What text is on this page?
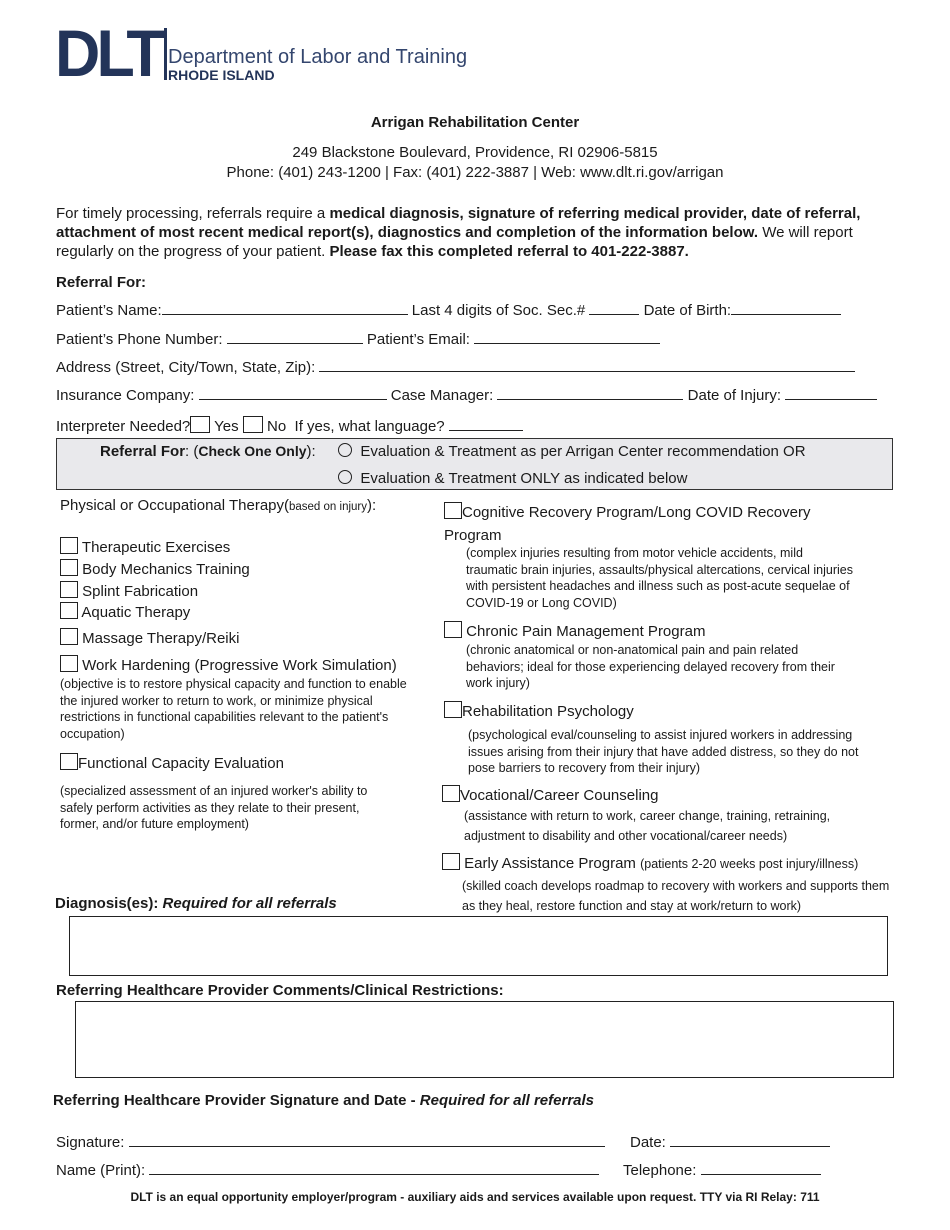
DLT Department of Labor and Training
RHODE ISLAND
Arrigan Rehabilitation Center
249 Blackstone Boulevard, Providence, RI 02906-5815
Phone: (401) 243-1200 | Fax: (401) 222-3887 | Web: www.dlt.ri.gov/arrigan
For timely processing, referrals require a medical diagnosis, signature of referring medical provider, date of referral, attachment of most recent medical report(s), diagnostics and completion of the information below. We will report regularly on the progress of your patient. Please fax this completed referral to 401-222-3887.
Referral For:
Patient’s Name:	Last 4 digits of Soc. Sec.#	Date of Birth:
Patient’s Phone Number:	Patient’s Email:
Address (Street, City/Town, State, Zip):
Insurance Company:	Case Manager:	Date of Injury:
Interpreter Needed? Yes No If yes, what language?
Referral For: (Check One Only):	Evaluation & Treatment as per Arrigan Center recommendation OR
Evaluation & Treatment ONLY as indicated below
Physical or Occupational Therapy(based on injury):
Therapeutic Exercises
Body Mechanics Training
Splint Fabrication
Aquatic Therapy
Massage Therapy/Reiki
Work Hardening (Progressive Work Simulation)
(objective is to restore physical capacity and function to enable the injured worker to return to work, or minimize physical restrictions in functional capabilities relevant to the patient's occupation)
Functional Capacity Evaluation
(specialized assessment of an injured worker's ability to safely perform activities as they relate to their present, former, and/or future employment)
Cognitive Recovery Program/Long COVID Recovery Program
(complex injuries resulting from motor vehicle accidents, mild traumatic brain injuries, assaults/physical altercations, cervical injuries with persistent headaches and illness such as post-acute sequelae of COVID-19 or Long COVID)
Chronic Pain Management Program
(chronic anatomical or non-anatomical pain and pain related behaviors; ideal for those experiencing delayed recovery from their work injury)
Rehabilitation Psychology
(psychological eval/counseling to assist injured workers in addressing issues arising from their injury that have added distress, so they do not pose barriers to recovery from their injury)
Vocational/Career Counseling
(assistance with return to work, career change, training, retraining, adjustment to disability and other vocational/career needs)
Early Assistance Program (patients 2-20 weeks post injury/illness)
(skilled coach develops roadmap to recovery with workers and supports them as they heal, restore function and stay at work/return to work)
Diagnosis(es): Required for all referrals
Referring Healthcare Provider Comments/Clinical Restrictions:
Referring Healthcare Provider Signature and Date - Required for all referrals
Signature:	Date:
Name (Print):	Telephone:
DLT is an equal opportunity employer/program - auxiliary aids and services available upon request. TTY via RI Relay: 711
